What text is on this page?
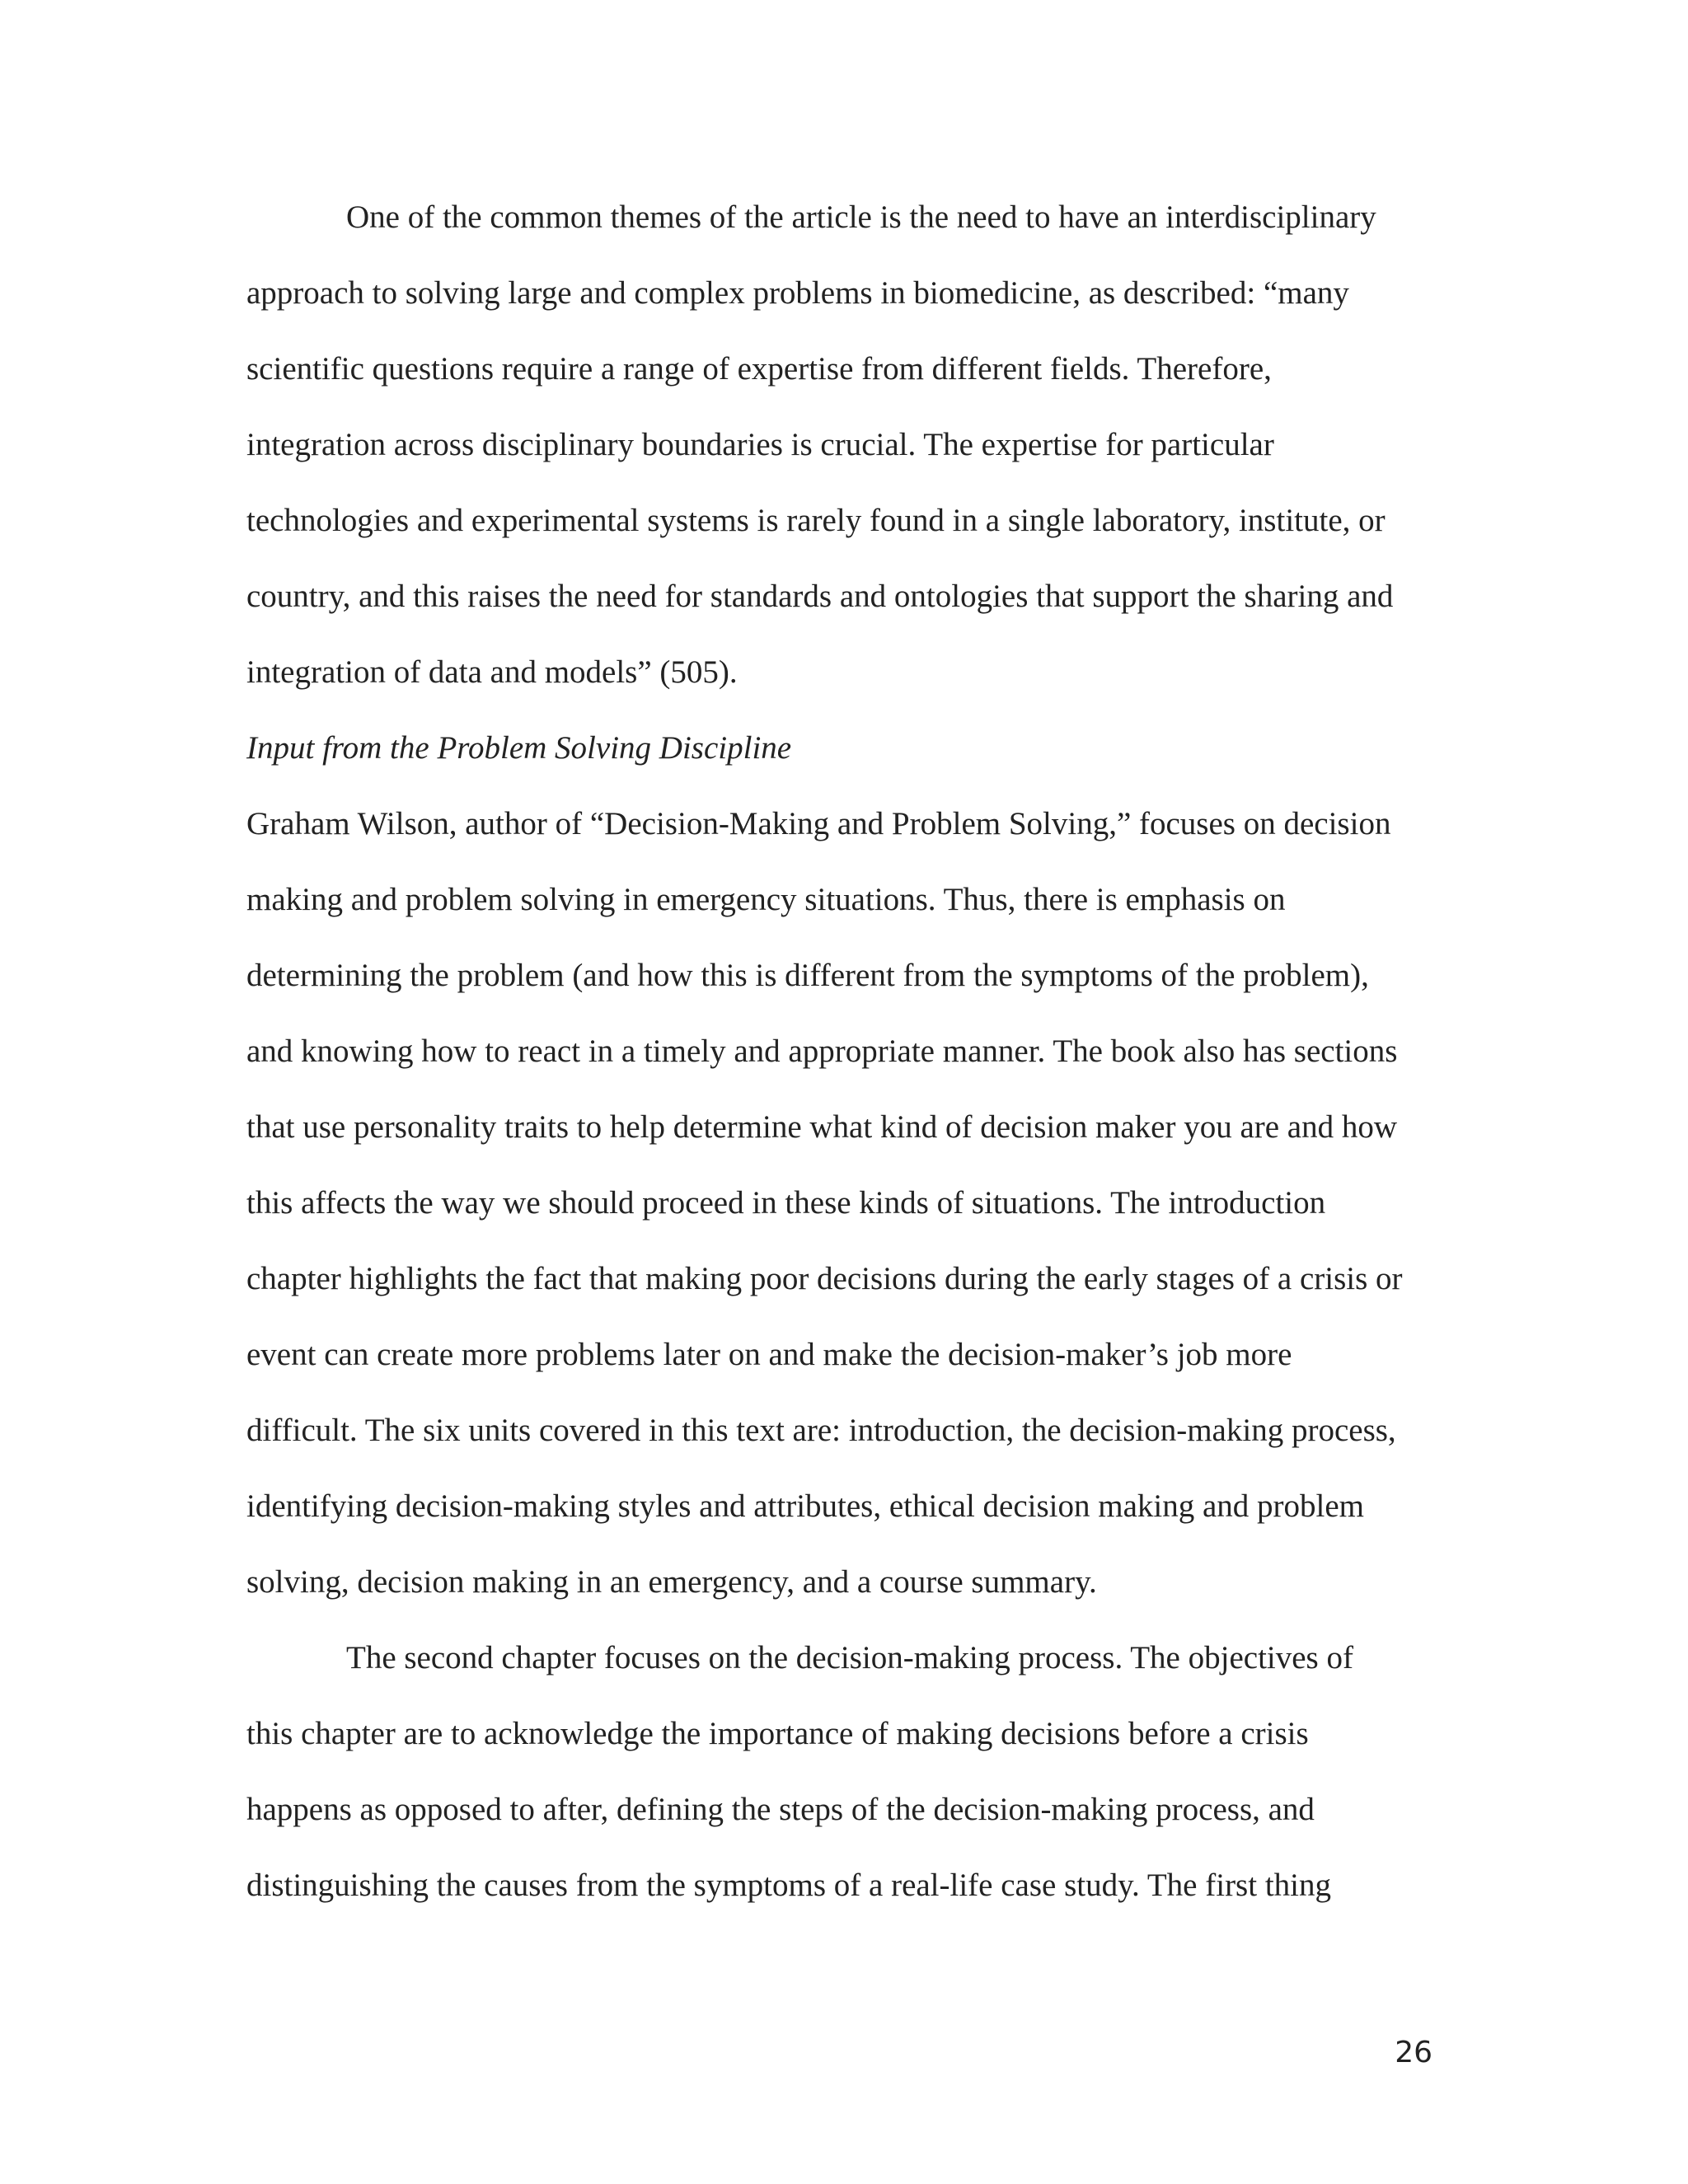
One of the common themes of the article is the need to have an interdisciplinary
approach to solving large and complex problems in biomedicine, as described: “many
scientific questions require a range of expertise from different fields. Therefore,
integration across disciplinary boundaries is crucial. The expertise for particular
technologies and experimental systems is rarely found in a single laboratory, institute, or
country, and this raises the need for standards and ontologies that support the sharing and
integration of data and models” (505).
Input from the Problem Solving Discipline
Graham Wilson, author of “Decision-Making and Problem Solving,” focuses on decision
making and problem solving in emergency situations. Thus, there is emphasis on
determining the problem (and how this is different from the symptoms of the problem),
and knowing how to react in a timely and appropriate manner. The book also has sections
that use personality traits to help determine what kind of decision maker you are and how
this affects the way we should proceed in these kinds of situations. The introduction
chapter highlights the fact that making poor decisions during the early stages of a crisis or
event can create more problems later on and make the decision-maker’s job more
difficult. The six units covered in this text are: introduction, the decision-making process,
identifying decision-making styles and attributes, ethical decision making and problem
solving, decision making in an emergency, and a course summary.
The second chapter focuses on the decision-making process. The objectives of
this chapter are to acknowledge the importance of making decisions before a crisis
happens as opposed to after, defining the steps of the decision-making process, and
distinguishing the causes from the symptoms of a real-life case study. The first thing
26
